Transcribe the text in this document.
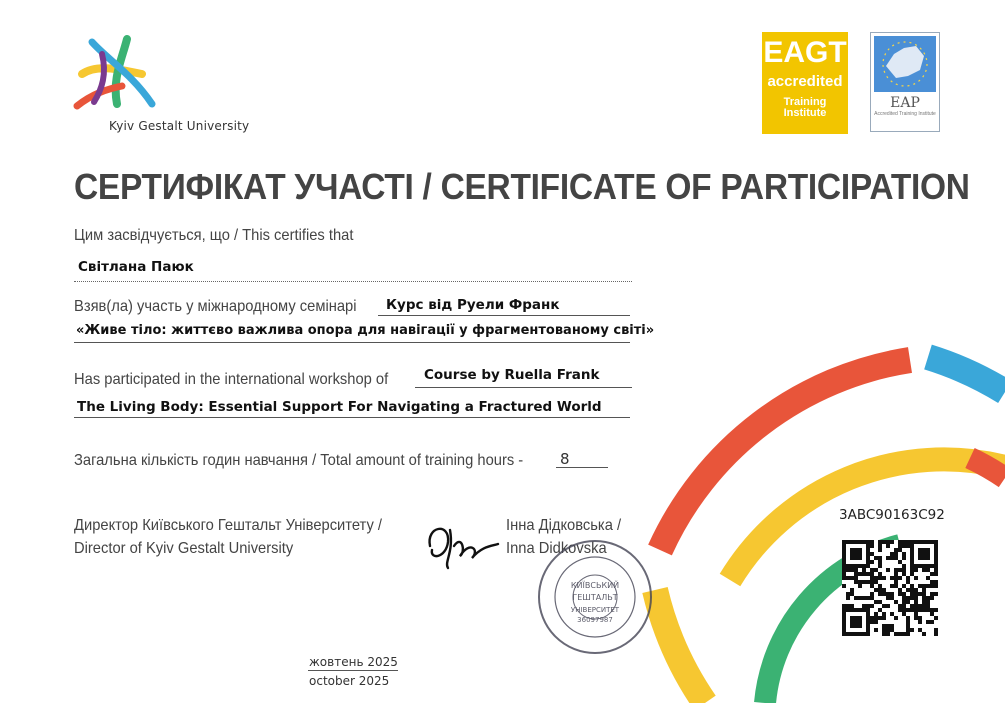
Kyiv Gestalt University
EAGT
accredited
Training Institute
EAP
Accredited Training Institute
СЕРТИФІКАТ УЧАСТІ / CERTIFICATE OF PARTICIPATION
Цим засвідчується, що / This certifies that
Світлана Паюк
Взяв(ла) участь у міжнародному семінарі Курс від Руели Франк
«Живе тіло: життєво важлива опора для навігації у фрагментованому світі»
Has participated in the international workshop of	Course by Ruella Frank
The Living Body: Essential Support For Navigating a Fractured World
Загальна кількість годин навчання / Total amount of training hours - 8
Директор Київського Гештальт Університету /
Director of Kyiv Gestalt University
Інна Дідковська /
Inna Didkovska
КИЇВСЬКИЙ
ГЕШТАЛЬТ
УНІВЕРСИТЕТ
36097987
жовтень 2025
october 2025
3ABC90163C92
